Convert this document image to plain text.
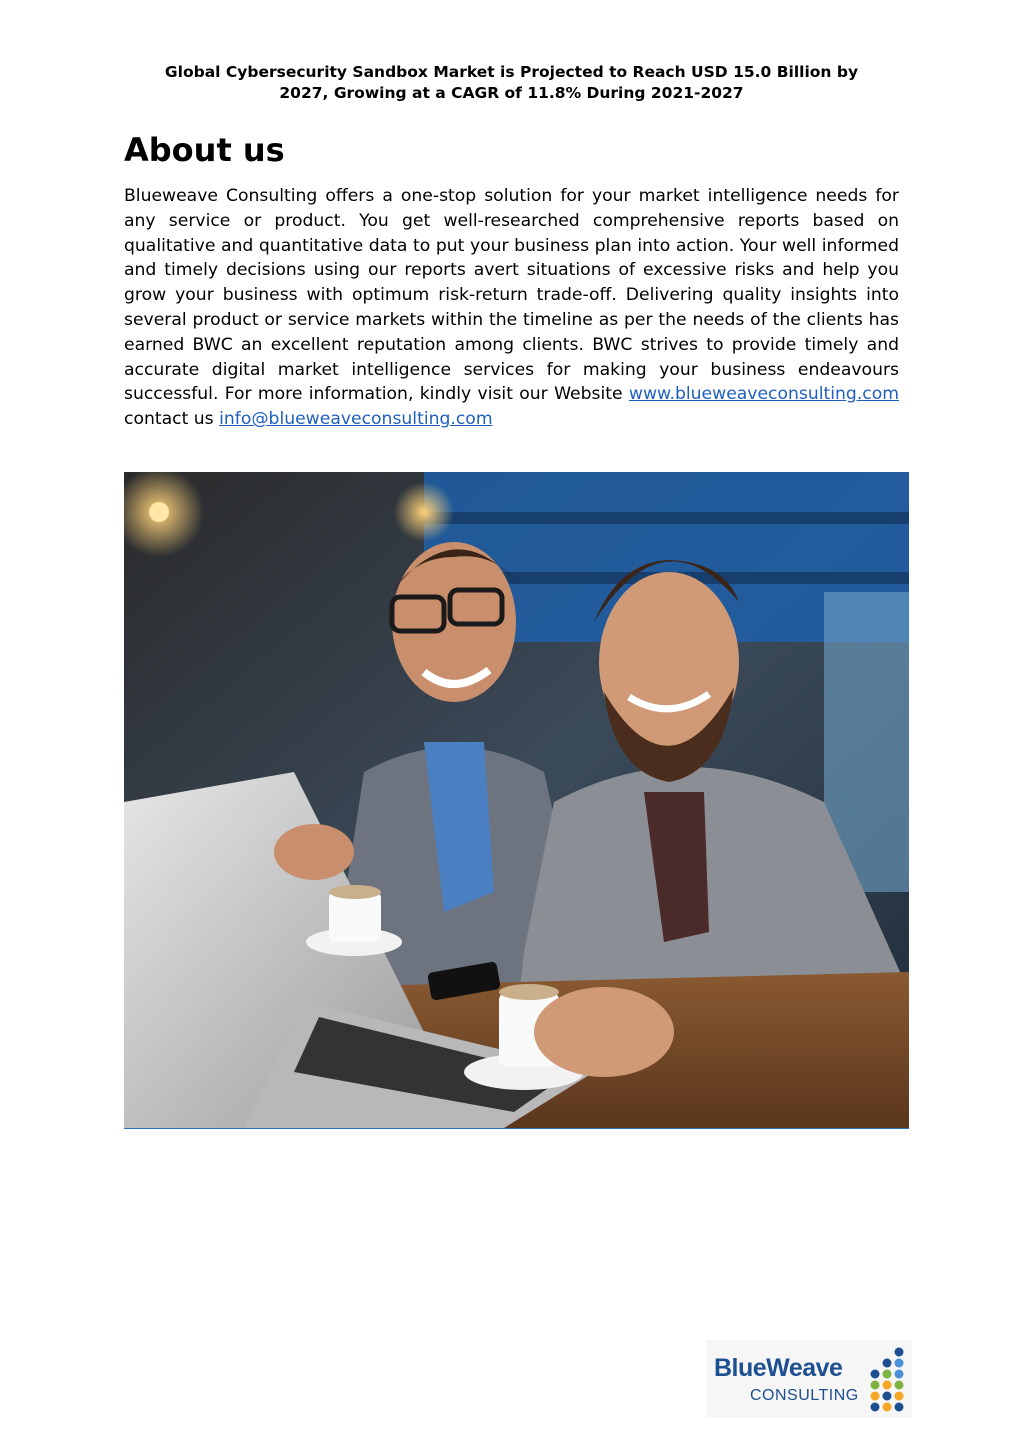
Global Cybersecurity Sandbox Market is Projected to Reach USD 15.0 Billion by
2027, Growing at a CAGR of 11.8% During 2021-2027
About us

Blueweave Consulting offers a one-stop solution for your market intelligence needs for any service or product. You get well-researched comprehensive reports based on qualitative and quantitative data to put your business plan into action. Your well informed and timely decisions using our reports avert situations of excessive risks and help you grow your business with optimum risk-return trade-off. Delivering quality insights into several product or service markets within the timeline as per the needs of the clients has earned BWC an excellent reputation among clients. BWC strives to provide timely and accurate digital market intelligence services for making your business endeavours successful. For more information, kindly visit our Website www.blueweaveconsulting.com contact us info@blueweaveconsulting.com

BlueWeave
CONSULTING
